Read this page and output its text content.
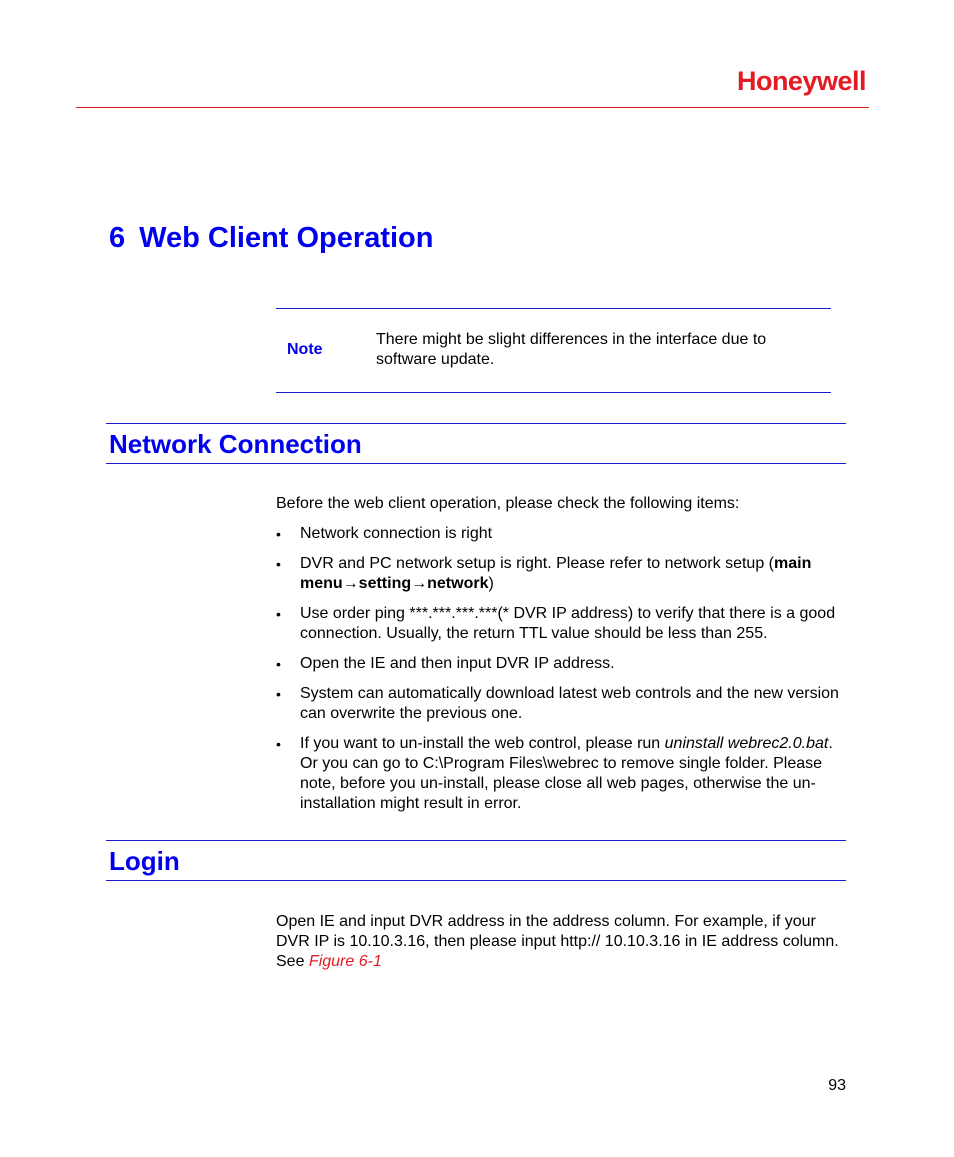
Honeywell
6 Web Client Operation
Note
There might be slight differences in the interface due to software update.
Network Connection
Before the web client operation, please check the following items:
• Network connection is right
• DVR and PC network setup is right. Please refer to network setup (main menu→setting→network)
• Use order ping ***.***.***.***(* DVR IP address) to verify that there is a good connection. Usually, the return TTL value should be less than 255.
• Open the IE and then input DVR IP address.
• System can automatically download latest web controls and the new version can overwrite the previous one.
• If you want to un-install the web control, please run uninstall webrec2.0.bat. Or you can go to C:\Program Files\webrec to remove single folder. Please note, before you un-install, please close all web pages, otherwise the un-installation might result in error.
Login
Open IE and input DVR address in the address column. For example, if your DVR IP is 10.10.3.16, then please input http:// 10.10.3.16 in IE address column. See Figure 6-1
93
